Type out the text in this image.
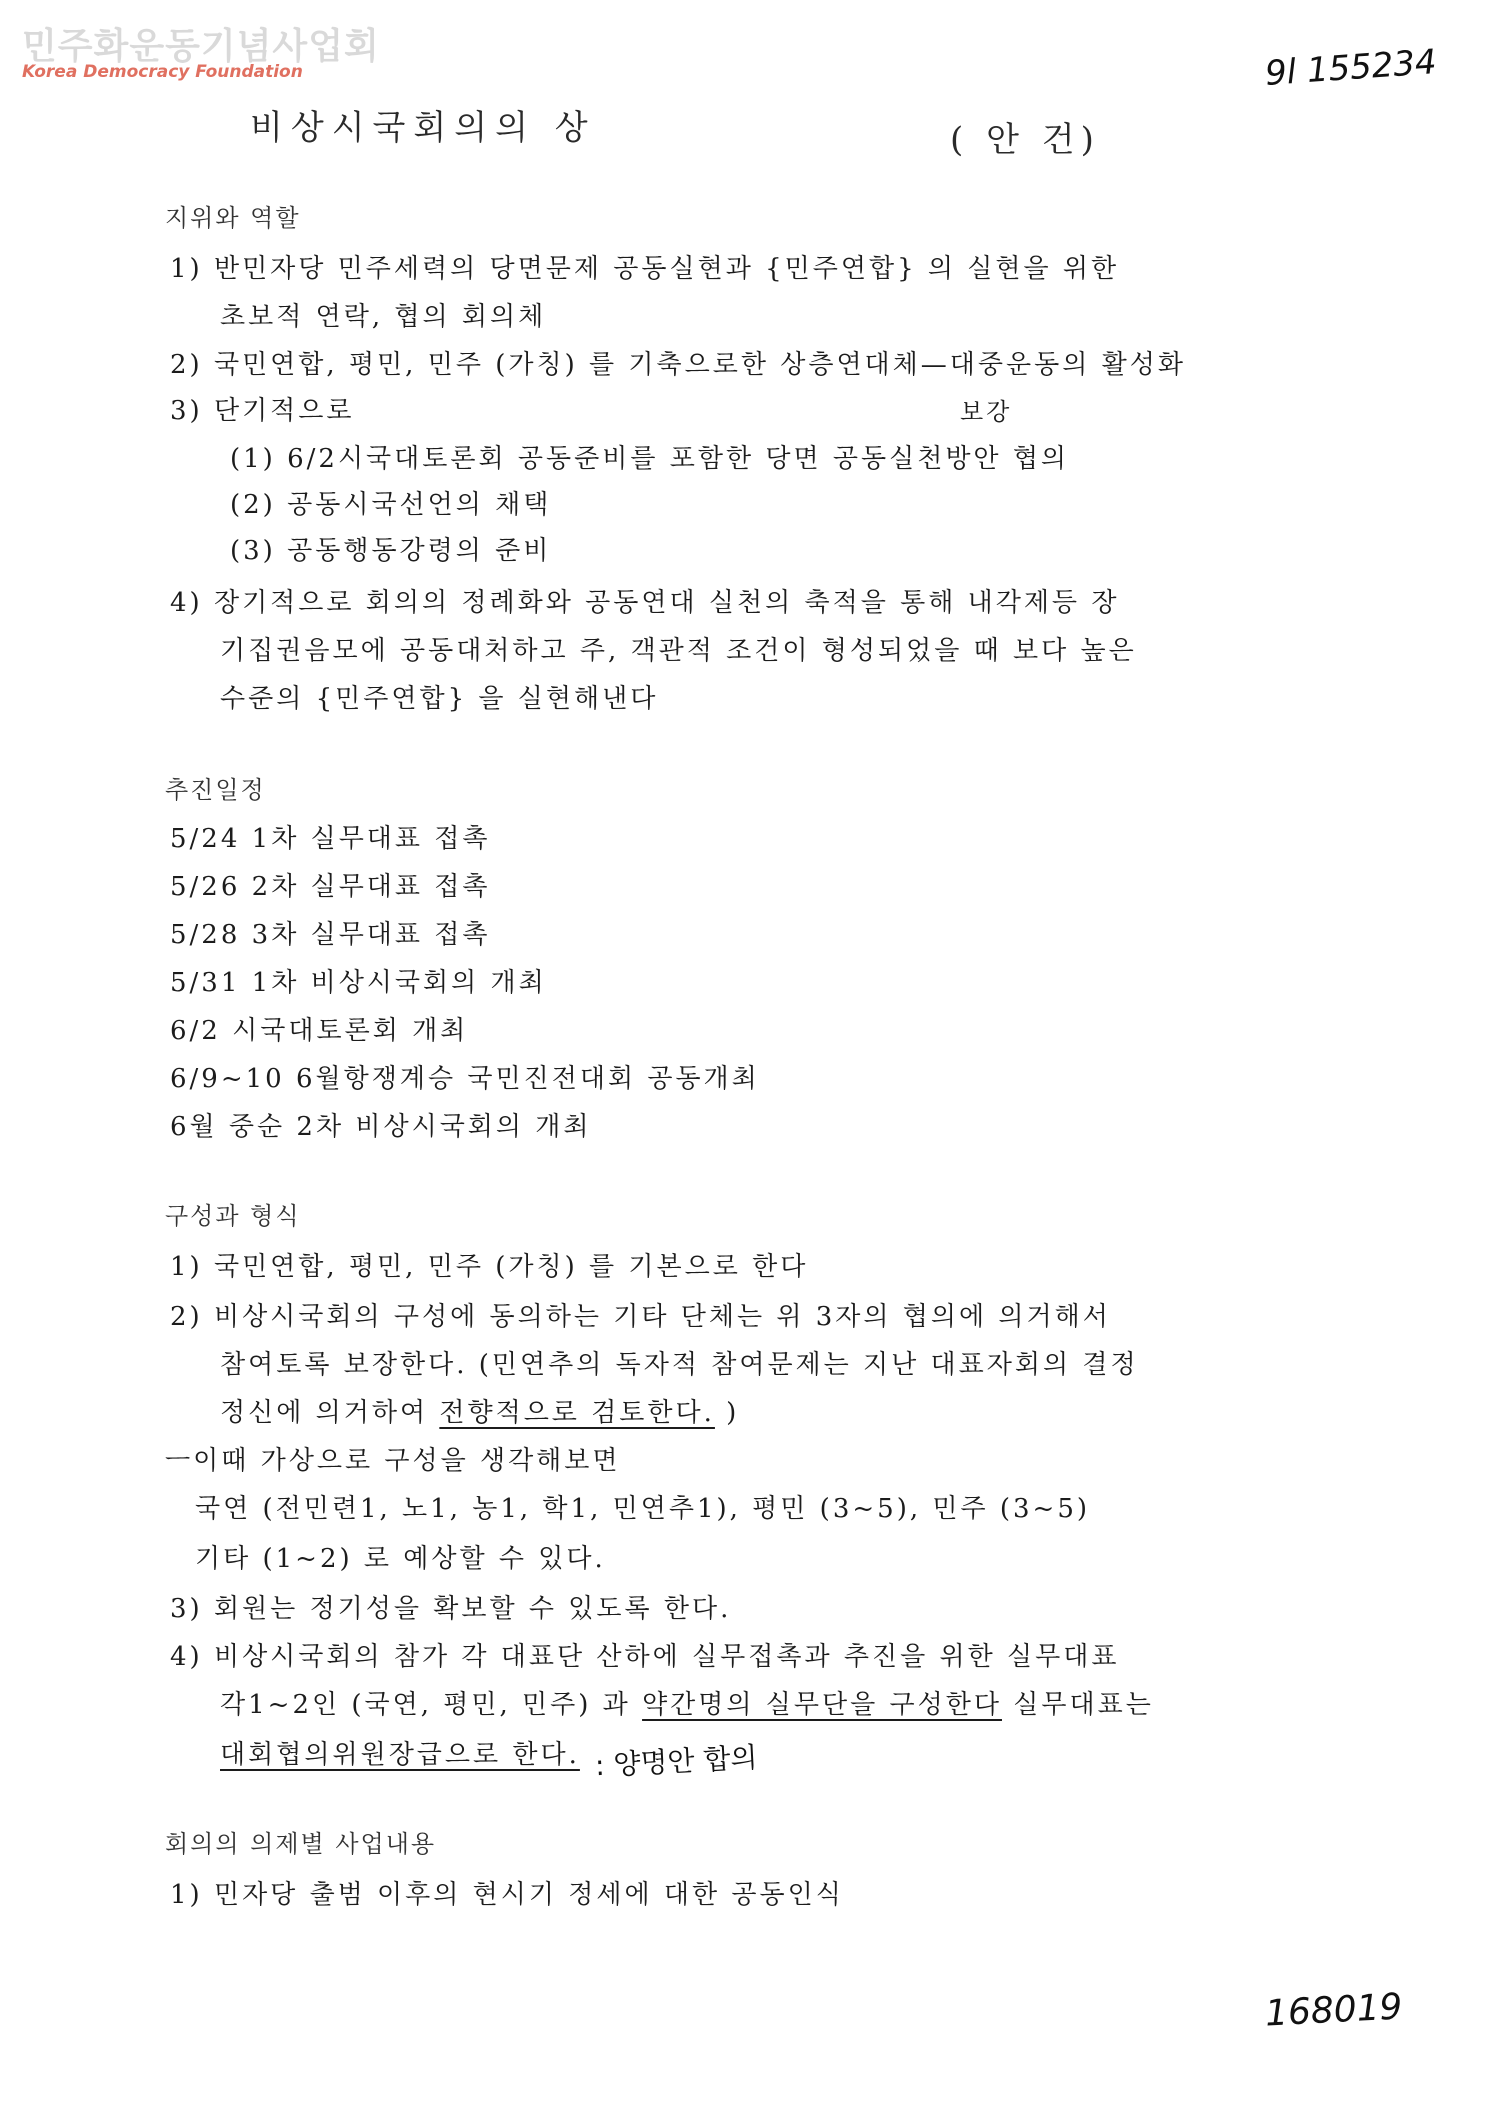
민주화운동기념사업회
Korea Democracy Foundation	9l 155234
비상시국회의의 상	( 안 건)
지위와 역할
1) 반민자당 민주세력의 당면문제 공동실현과 {민주연합} 의 실현을 위한
초보적 연락, 협의 회의체
2) 국민연합, 평민, 민주 (가칭) 를 기축으로한 상층연대체—대중운동의 활성화
3) 단기적으로	보강
(1) 6/2시국대토론회 공동준비를 포함한 당면 공동실천방안 협의
(2) 공동시국선언의 채택
(3) 공동행동강령의 준비
4) 장기적으로 회의의 정례화와 공동연대 실천의 축적을 통해 내각제등 장
기집권음모에 공동대처하고 주, 객관적 조건이 형성되었을 때 보다 높은
수준의 {민주연합} 을 실현해낸다
추진일정
5/24 1차 실무대표 접촉
5/26 2차 실무대표 접촉
5/28 3차 실무대표 접촉
5/31 1차 비상시국회의 개최
6/2 시국대토론회 개최
6/9~10 6월항쟁계승 국민진전대회 공동개최
6월 중순 2차 비상시국회의 개최
구성과 형식
1) 국민연합, 평민, 민주 (가칭) 를 기본으로 한다
2) 비상시국회의 구성에 동의하는 기타 단체는 위 3자의 협의에 의거해서
참여토록 보장한다. (민연추의 독자적 참여문제는 지난 대표자회의 결정
정신에 의거하여 전향적으로 검토한다. )
ㅡ이때 가상으로 구성을 생각해보면
국연 (전민련1, 노1, 농1, 학1, 민연추1), 평민 (3~5), 민주 (3~5)
기타 (1~2) 로 예상할 수 있다.
3) 회원는 정기성을 확보할 수 있도록 한다.
4) 비상시국회의 참가 각 대표단 산하에 실무접촉과 추진을 위한 실무대표
각1~2인 (국연, 평민, 민주) 과 약간명의 실무단을 구성한다 실무대표는
대회협의위원장급으로 한다. : 양명안 합의
회의의 의제별 사업내용
1) 민자당 출범 이후의 현시기 정세에 대한 공동인식
168019
